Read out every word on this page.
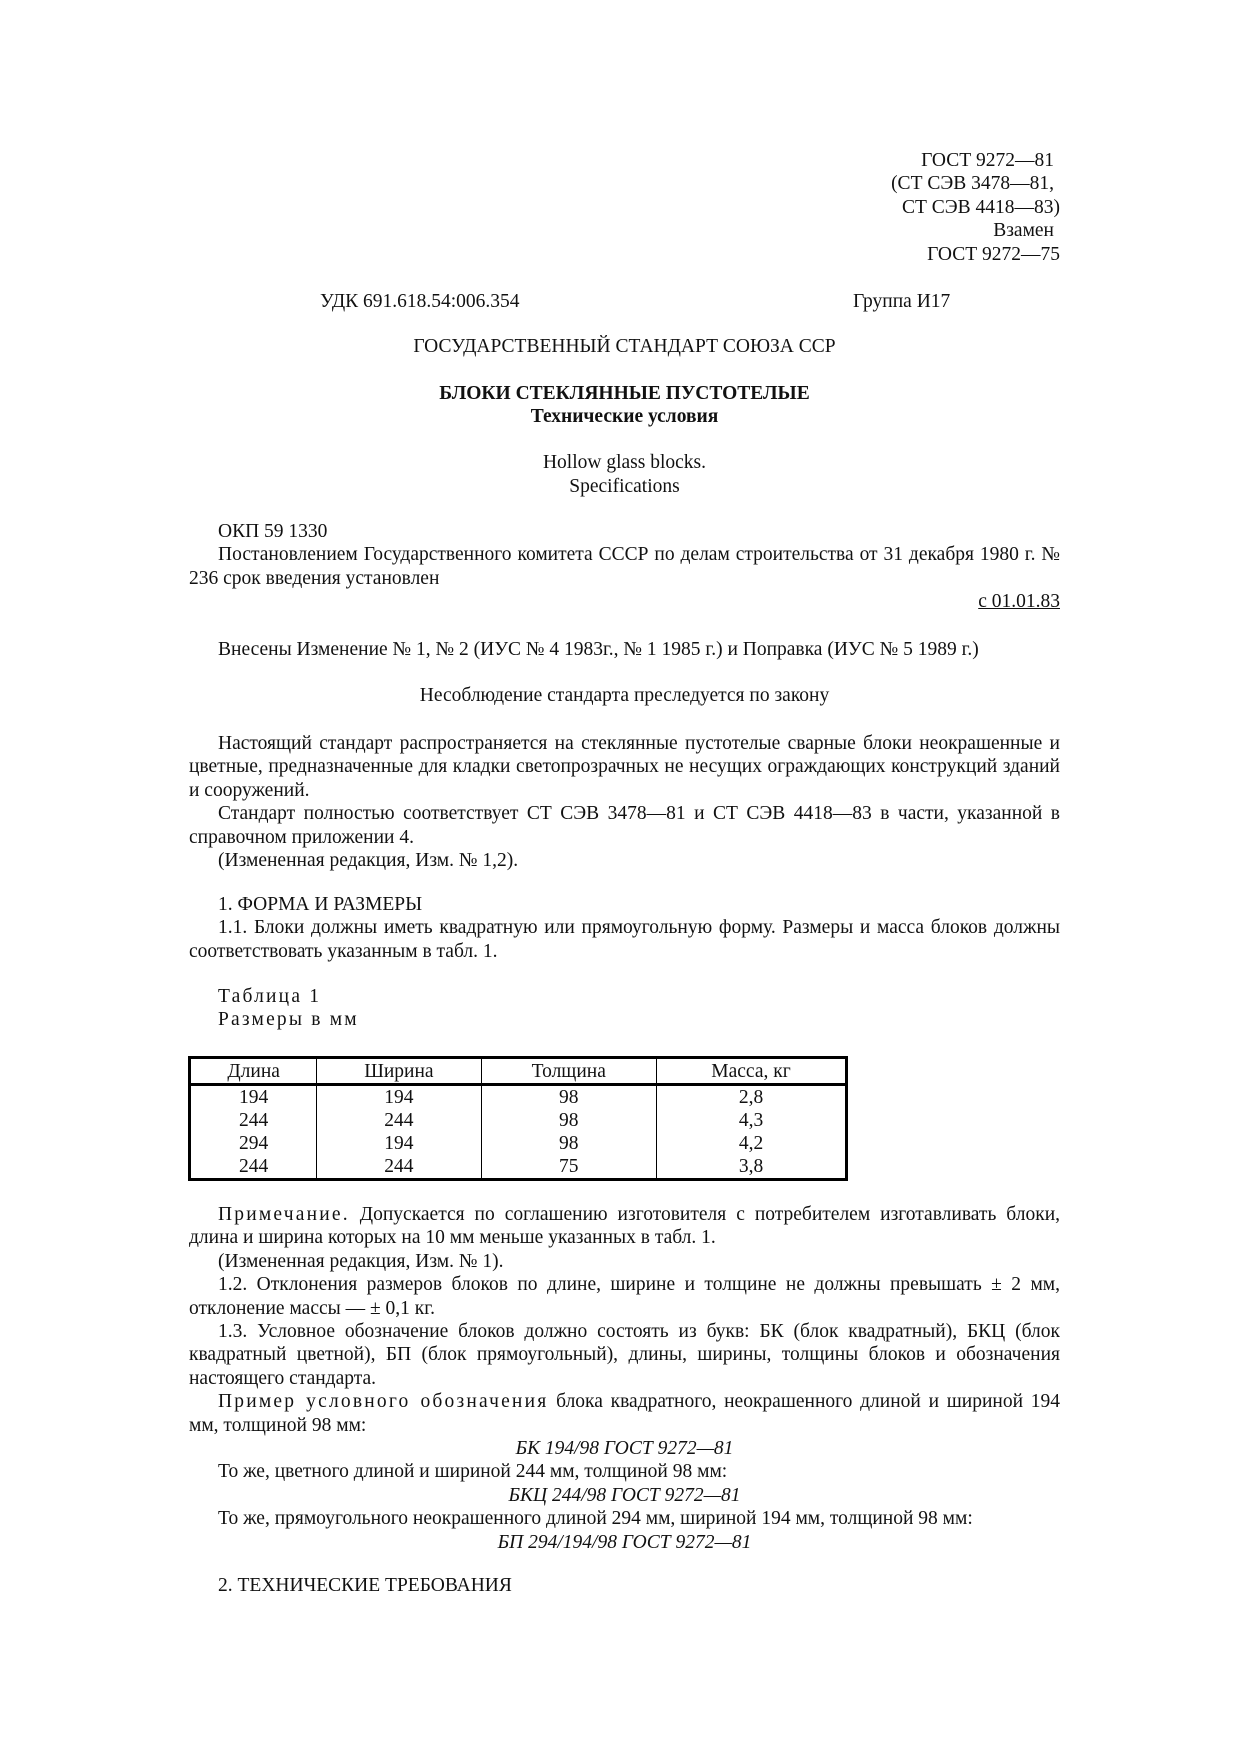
ГОСТ 9272—81
(СТ СЭВ 3478—81,
СТ СЭВ 4418—83)
Взамен
ГОСТ 9272—75
УДК 691.618.54:006.354	Группа И17
ГОСУДАРСТВЕННЫЙ СТАНДАРТ СОЮЗА ССР
БЛОКИ СТЕКЛЯННЫЕ ПУСТОТЕЛЫЕ
Технические условия
Hollow glass blocks.
Specifications

ОКП 59 1330

Постановлением Государственного комитета СССР по делам строительства от 31 декабря 1980 г. № 236 срок введения установлен

с 01.01.83

Внесены Изменение № 1, № 2 (ИУС № 4 1983г., № 1 1985 г.) и Поправка (ИУС № 5 1989 г.)
Несоблюдение стандарта преследуется по закону

Настоящий стандарт распространяется на стеклянные пустотелые сварные блоки неокрашенные и цветные, предназначенные для кладки светопрозрачных не несущих ограждающих конструкций зданий и сооружений.

Стандарт полностью соответствует СТ СЭВ 3478—81 и СТ СЭВ 4418—83 в части, указанной в справочном приложении 4.

(Измененная редакция, Изм. № 1,2).

1. ФОРМА И РАЗМЕРЫ

1.1. Блоки должны иметь квадратную или прямоугольную форму. Размеры и масса блоков должны соответствовать указанным в табл. 1.

Таблица 1

Размеры в мм

Длина	Ширина	Толщина	Масса, кг
194	194	98	2,8
244	244	98	4,3
294	194	98	4,2
244	244	75	3,8

Примечание. Допускается по соглашению изготовителя с потребителем изготавливать блоки, длина и ширина которых на 10 мм меньше указанных в табл. 1.

(Измененная редакция, Изм. № 1).

1.2. Отклонения размеров блоков по длине, ширине и толщине не должны превышать ± 2 мм, отклонение массы — ± 0,1 кг.

1.3. Условное обозначение блоков должно состоять из букв: БК (блок квадратный), БКЦ (блок квадратный цветной), БП (блок прямоугольный), длины, ширины, толщины блоков и обозначения настоящего стандарта.

Пример условного обозначения блока квадратного, неокрашенного длиной и шириной 194 мм, толщиной 98 мм:

БК 194/98 ГОСТ 9272—81

То же, цветного длиной и шириной 244 мм, толщиной 98 мм:

БКЦ 244/98 ГОСТ 9272—81

То же, прямоугольного неокрашенного длиной 294 мм, шириной 194 мм, толщиной 98 мм:

БП 294/194/98 ГОСТ 9272—81

2. ТЕХНИЧЕСКИЕ ТРЕБОВАНИЯ
